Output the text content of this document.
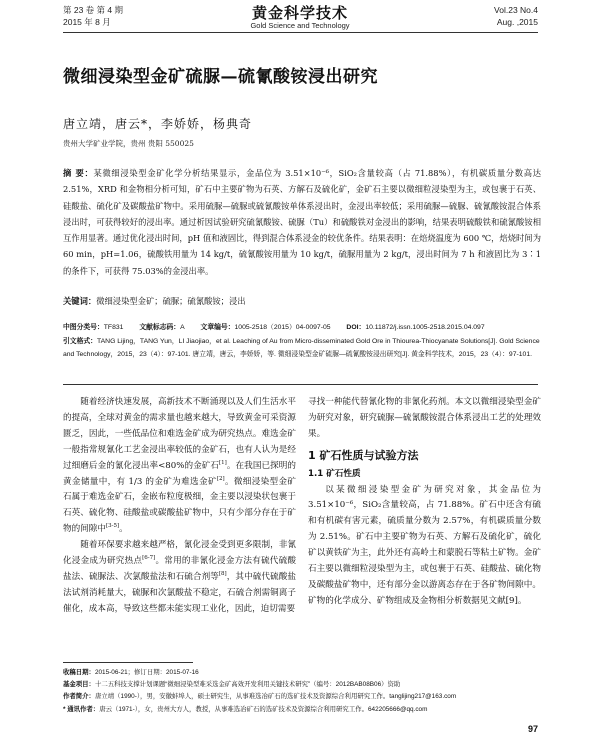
第 23 卷 第 4 期
2015 年 8 月	黄金科学技术
Gold Science and Technology
Vol.23 No.4
Aug. ,2015
微细浸染型金矿硫脲—硫氰酸铵浸出研究
唐立靖，唐云*，李娇娇，杨典奇
贵州大学矿业学院，贵州 贵阳 550025
摘 要：某微细浸染型金矿化学分析结果显示，金品位为 3.51×10⁻⁶，SiO₂含量较高（占 71.88%），有机碳质量分数高达 2.51%，XRD 和金物相分析可知，矿石中主要矿物为石英、方解石及硫化矿，金矿石主要以微细粒浸染型为主，或包裹于石英、硅酸盐、硫化矿及碳酸盐矿物中。采用硫脲—硫脲或硫氰酸铵单体系浸出时，金浸出率较低；采用硫脲—硫脲、硫氰酸铵混合体系浸出时，可获得较好的浸出率。通过析因试验研究硫氰酸铵、硫脲（Tu）和硫酸铁对金浸出的影响，结果表明硫酸铁和硫氰酸铵相互作用显著。通过优化浸出时间，pH 值和液固比，得到混合体系浸金的较优条件。结果表明：在焙烧温度为 600 ℃，焙烧时间为 60 min，pH=1.06，硫酸铁用量为 14 kg/t，硫氰酸铵用量为 10 kg/t，硫脲用量为 2 kg/t，浸出时间为 7 h 和液固比为 3∶1 的条件下，可获得 75.03%的金浸出率。
关键词：微细浸染型金矿；硫脲；硫氰酸铵；浸出
中图分类号：TF831 文献标志码：A 文章编号：1005-2518（2015）04-0097-05 DOI：10.11872/j.issn.1005-2518.2015.04.097
引文格式：TANG Lijing，TANG Yun，LI Jiaojiao，et al. Leaching of Au from Micro-disseminated Gold Ore in Thiourea-Thiocyanate Solutions[J]. Gold Science and Technology，2015，23（4）：97-101. 唐立靖，唐云，李娇娇，等. 微细浸染型金矿硫脲—硫氰酸铵浸出研究[J]. 黄金科学技术，2015，23（4）：97-101.

随着经济快速发展，高新技术不断涌现以及人们生活水平的提高，全球对黄金的需求量也越来越大，导致黄金可采资源匮乏，因此，一些低品位和难选金矿成为研究热点。难选金矿一般指常规氰化工艺金浸出率较低的金矿石，也有人认为是经过细磨后金的氰化浸出率<80%的金矿石[1]。在我国已探明的黄金储量中，有 1/3 的金矿为难选金矿[2]。微细浸染型金矿石属于难选金矿石，金嵌布粒度极细，金主要以浸染状包裹于石英、硫化物、硅酸盐或碳酸盐矿物中，只有少部分存在于矿物的间隙中[3-5]。

随着环保要求越来越严格，氰化浸金受到更多限制，非氰化浸金成为研究热点[6-7]。常用的非氰化浸金方法有硫代硫酸盐法、硫脲法、次氯酸盐法和石硫合剂等[8]，其中硫代硫酸盐法试剂消耗量大，硫脲和次氯酸盐不稳定，石硫合剂需铜离子催化，成本高，导致这些都未能实现工业化，因此，迫切需要

寻找一种能代替氰化物的非氰化药剂。本文以微细浸染型金矿为研究对象，研究硫脲—硫氰酸铵混合体系浸出工艺的处理效果。

1 矿石性质与试验方法
1.1 矿石性质

以某微细浸染型金矿为研究对象，其金品位为 3.51×10⁻⁶，SiO₂含量较高，占 71.88%。矿石中还含有硫和有机碳有害元素，硫质量分数为 2.57%，有机碳质量分数为 2.51%。矿石中主要矿物为石英、方解石及硫化矿，硫化矿以黄铁矿为主，此外还有高岭土和蒙脱石等粘土矿物。金矿石主要以微细粒浸染型为主，或包裹于石英、硅酸盐、硫化物及碳酸盐矿物中，还有部分金以游离态存在于各矿物间隙中。矿物的化学成分、矿物组成及金物相分析数据见文献[9]。

收稿日期：2015-06-21；修订日期：2015-07-16
基金项目：十二五科技支撑计划课题“微细浸染型难采选金矿高效开发利用关键技术研究”（编号：2012BAB08B06）资助
作者简介：唐立靖（1990-），男，安徽蚌埠人，硕士研究生，从事难选冶矿石的选矿技术及资源综合利用研究工作。tanglijing217@163.com
* 通讯作者：唐云（1971-），女，贵州大方人，教授，从事难选冶矿石的选矿技术及资源综合利用研究工作。642205666@qq.com
97
